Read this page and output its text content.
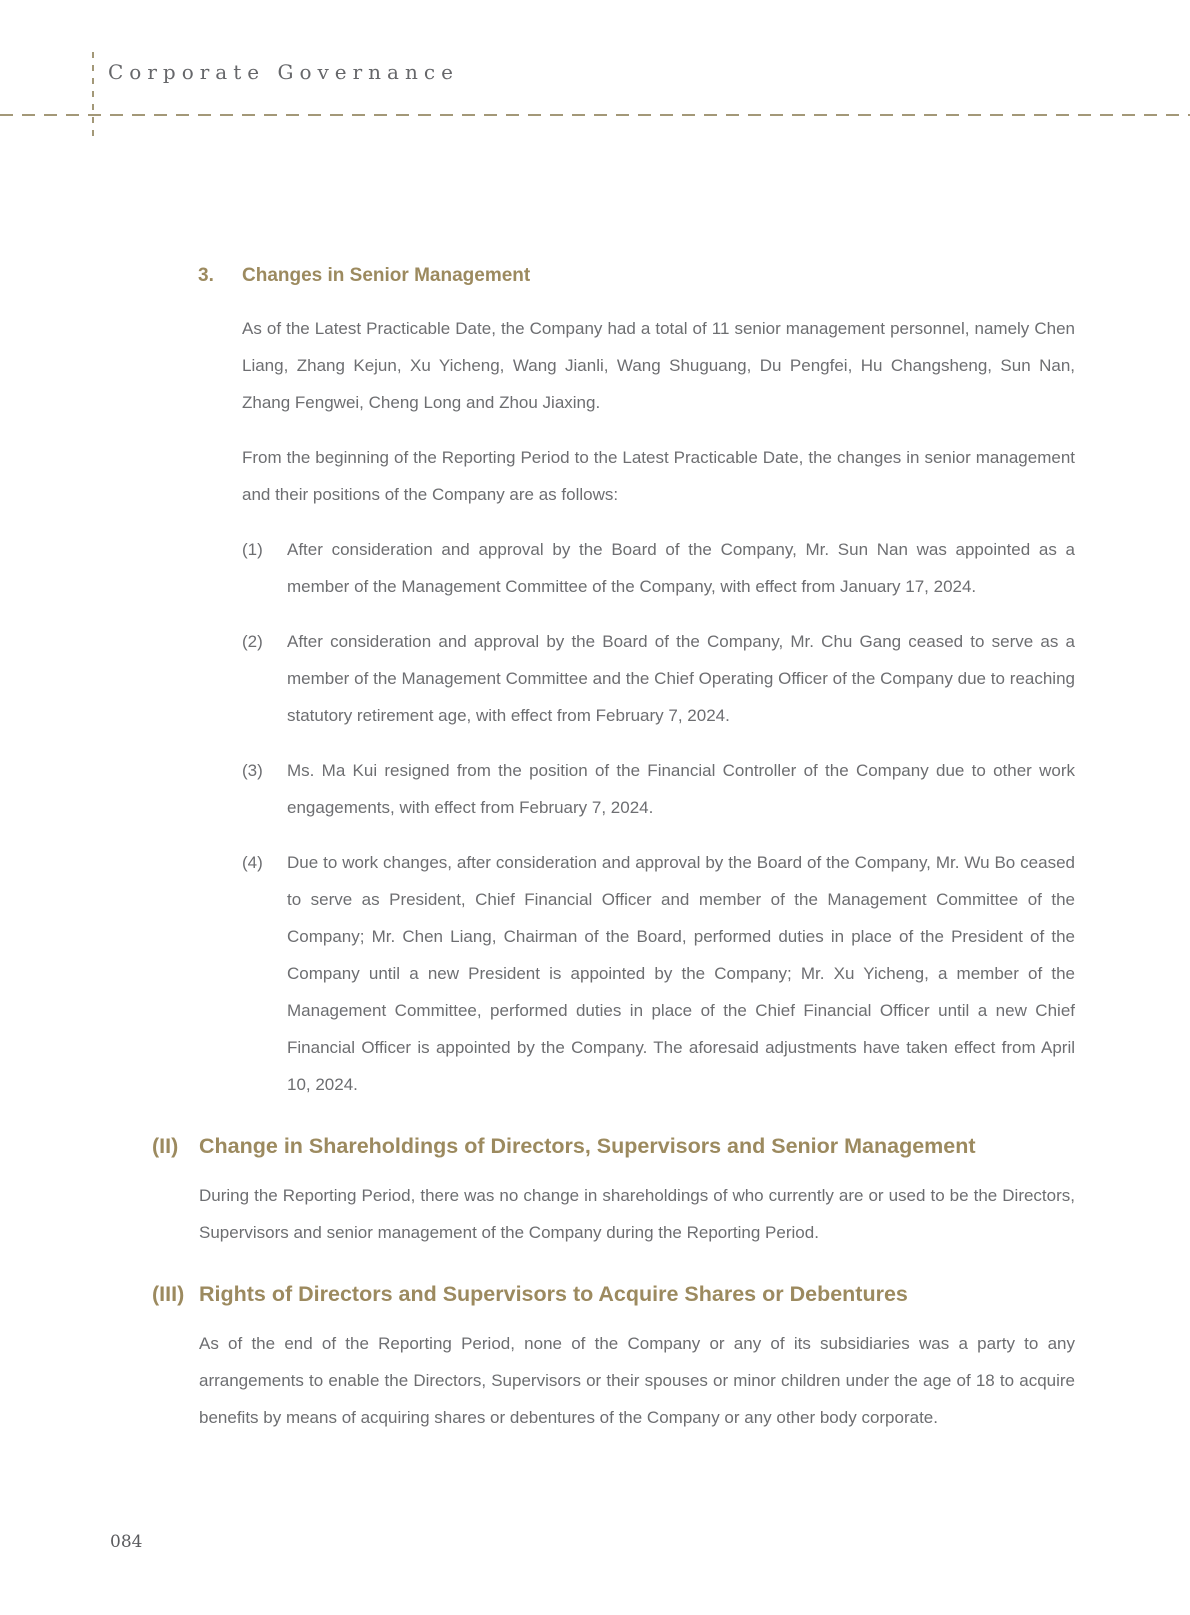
Corporate Governance
3.	Changes in Senior Management

As of the Latest Practicable Date, the Company had a total of 11 senior management personnel, namely Chen Liang, Zhang Kejun, Xu Yicheng, Wang Jianli, Wang Shuguang, Du Pengfei, Hu Changsheng, Sun Nan, Zhang Fengwei, Cheng Long and Zhou Jiaxing.

From the beginning of the Reporting Period to the Latest Practicable Date, the changes in senior management and their positions of the Company are as follows:

(1)	After consideration and approval by the Board of the Company, Mr. Sun Nan was appointed as a member of the Management Committee of the Company, with effect from January 17, 2024.
(2)	After consideration and approval by the Board of the Company, Mr. Chu Gang ceased to serve as a member of the Management Committee and the Chief Operating Officer of the Company due to reaching statutory retirement age, with effect from February 7, 2024.
(3)	Ms. Ma Kui resigned from the position of the Financial Controller of the Company due to other work engagements, with effect from February 7, 2024.
(4)	Due to work changes, after consideration and approval by the Board of the Company, Mr. Wu Bo ceased to serve as President, Chief Financial Officer and member of the Management Committee of the Company; Mr. Chen Liang, Chairman of the Board, performed duties in place of the President of the Company until a new President is appointed by the Company; Mr. Xu Yicheng, a member of the Management Committee, performed duties in place of the Chief Financial Officer until a new Chief Financial Officer is appointed by the Company. The aforesaid adjustments have taken effect from April 10, 2024.
(II) Change in Shareholdings of Directors, Supervisors and Senior Management

During the Reporting Period, there was no change in shareholdings of who currently are or used to be the Directors, Supervisors and senior management of the Company during the Reporting Period.

(III) Rights of Directors and Supervisors to Acquire Shares or Debentures

As of the end of the Reporting Period, none of the Company or any of its subsidiaries was a party to any arrangements to enable the Directors, Supervisors or their spouses or minor children under the age of 18 to acquire benefits by means of acquiring shares or debentures of the Company or any other body corporate.

084
